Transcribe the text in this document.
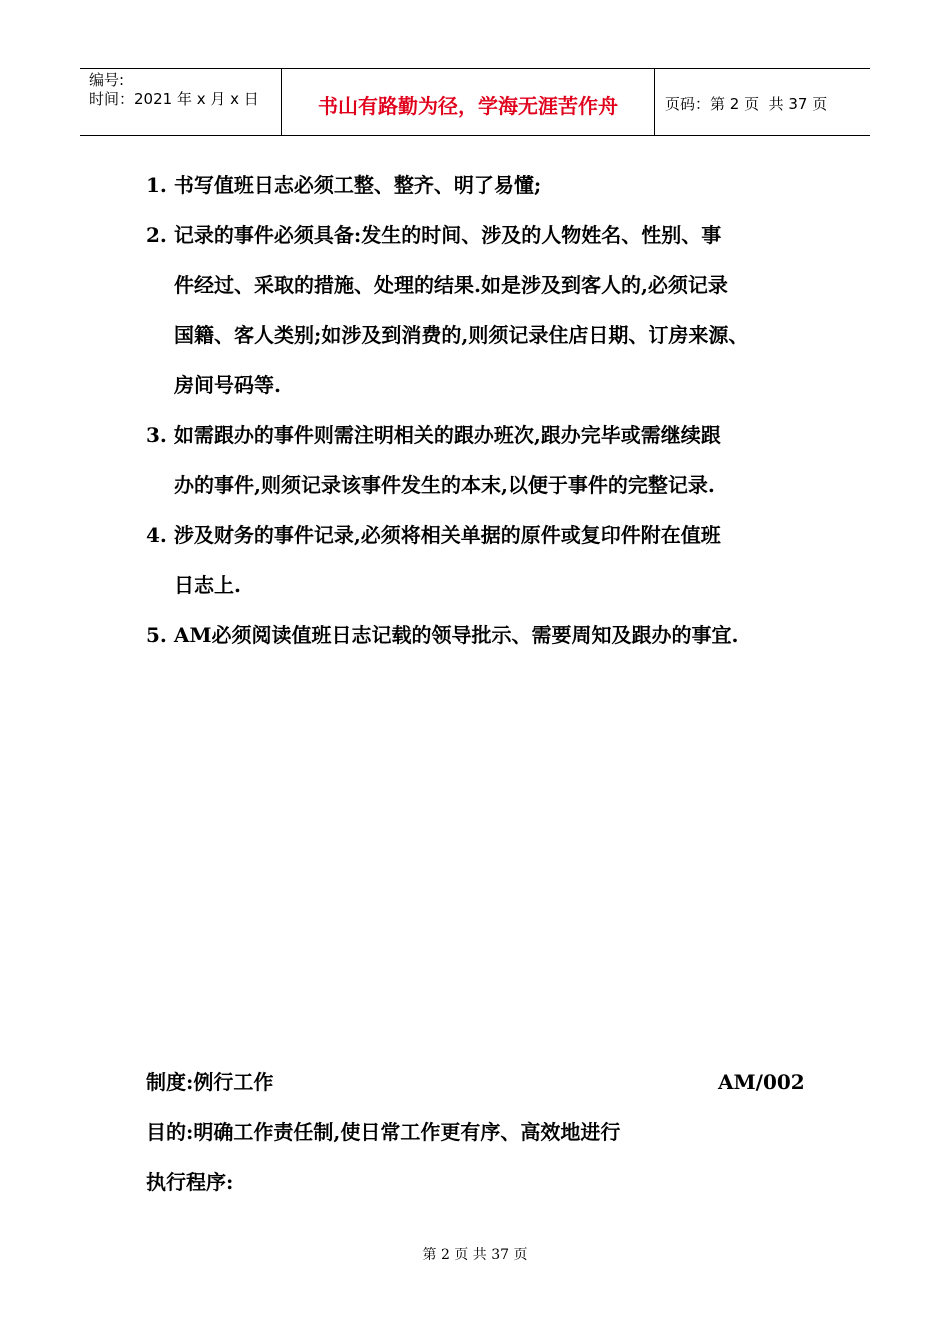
编号:
时间：2021 年 x 月 x 日	书山有路勤为径，学海无涯苦作舟	页码：第 2 页  共 37 页
1. 书写值班日志必须工整、整齐、明了易懂;
2. 记录的事件必须具备:发生的时间、涉及的人物姓名、性别、事
件经过、采取的措施、处理的结果.如是涉及到客人的,必须记录
国籍、客人类别;如涉及到消费的,则须记录住店日期、订房来源、
房间号码等.
3. 如需跟办的事件则需注明相关的跟办班次,跟办完毕或需继续跟
办的事件,则须记录该事件发生的本末,以便于事件的完整记录.
4. 涉及财务的事件记录,必须将相关单据的原件或复印件附在值班
日志上.
5. AM必须阅读值班日志记载的领导批示、需要周知及跟办的事宜.
制度:例行工作	AM/002
目的:明确工作责任制,使日常工作更有序、高效地进行
执行程序:
第 2 页 共 37 页
